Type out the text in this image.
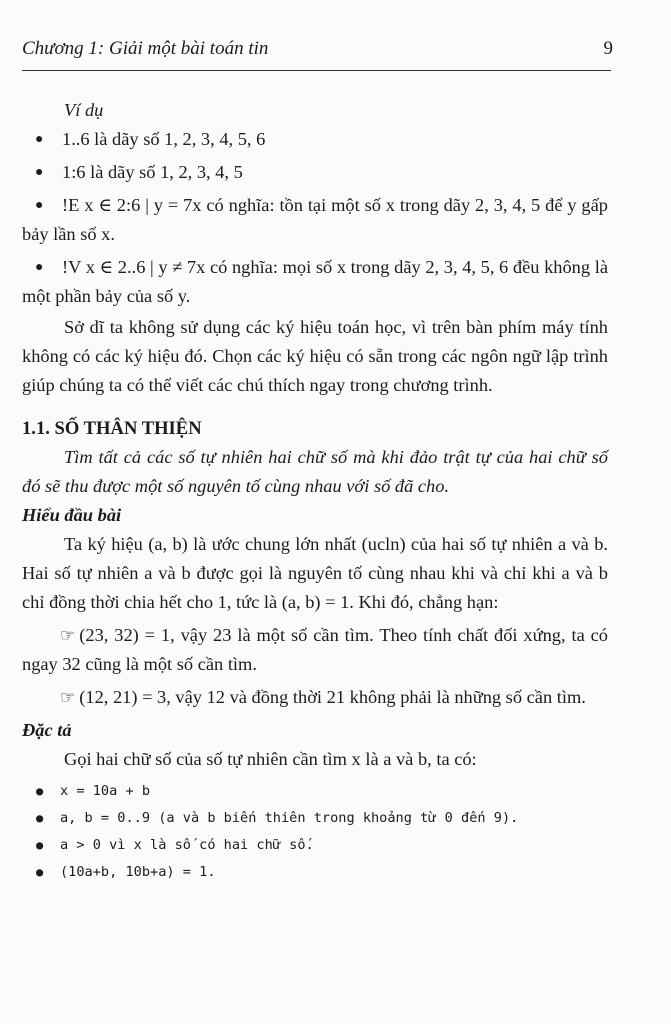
Chương 1: Giải một bài toán tin	9

Ví dụ

● 1..6 là dãy số 1, 2, 3, 4, 5, 6
● 1:6 là dãy số 1, 2, 3, 4, 5
● !E x ∈ 2:6 | y = 7x có nghĩa: tồn tại một số x trong dãy 2, 3, 4, 5 để y gấp bảy lần số x.
● !V x ∈ 2..6 | y ≠ 7x có nghĩa: mọi số x trong dãy 2, 3, 4, 5, 6 đều không là một phần bảy của số y.

Sở dĩ ta không sử dụng các ký hiệu toán học, vì trên bàn phím máy tính không có các ký hiệu đó. Chọn các ký hiệu có sẵn trong các ngôn ngữ lập trình giúp chúng ta có thể viết các chú thích ngay trong chương trình.

1.1. SỐ THÂN THIỆN

Tìm tất cả các số tự nhiên hai chữ số mà khi đảo trật tự của hai chữ số đó sẽ thu được một số nguyên tố cùng nhau với số đã cho.

Hiểu đầu bài

Ta ký hiệu (a, b) là ước chung lớn nhất (ucln) của hai số tự nhiên a và b. Hai số tự nhiên a và b được gọi là nguyên tố cùng nhau khi và chỉ khi a và b chỉ đồng thời chia hết cho 1, tức là (a, b) = 1. Khi đó, chẳng hạn:

☞ (23, 32) = 1, vậy 23 là một số cần tìm. Theo tính chất đối xứng, ta có ngay 32 cũng là một số cần tìm.

☞ (12, 21) = 3, vậy 12 và đồng thời 21 không phải là những số cần tìm.

Đặc tả

Gọi hai chữ số của số tự nhiên cần tìm x là a và b, ta có:

● x = 10a + b
● a, b = 0..9 (a và b biến thiên trong khoảng từ 0 đến 9).
● a > 0 vì x là số có hai chữ số.
● (10a+b, 10b+a) = 1.
